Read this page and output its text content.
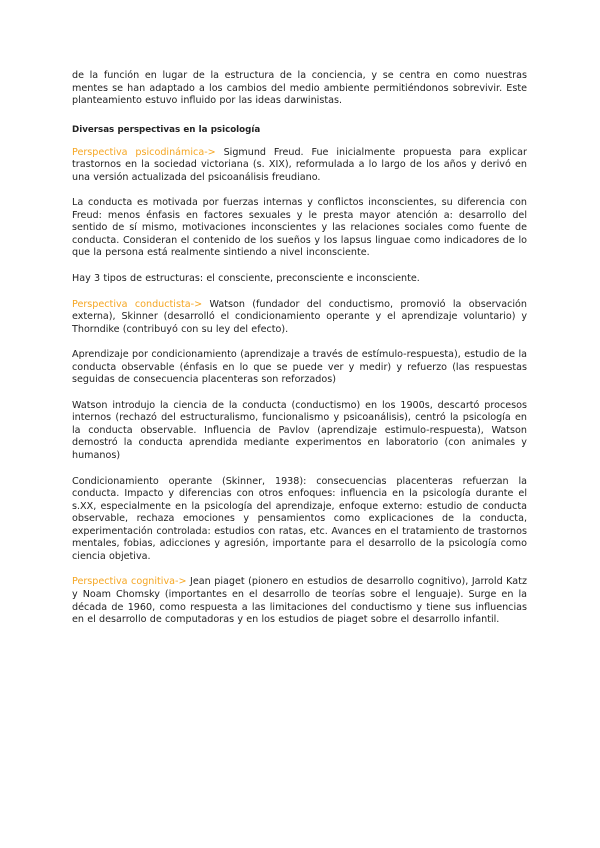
de la función en lugar de la estructura de la conciencia, y se centra en como nuestras mentes se han adaptado a los cambios del medio ambiente permitiéndonos sobrevivir. Este planteamiento estuvo influido por las ideas darwinistas.

Diversas perspectivas en la psicología

Perspectiva psicodinámica-> Sigmund Freud. Fue inicialmente propuesta para explicar trastornos en la sociedad victoriana (s. XIX), reformulada a lo largo de los años y derivó en una versión actualizada del psicoanálisis freudiano.

La conducta es motivada por fuerzas internas y conflictos inconscientes, su diferencia con Freud: menos énfasis en factores sexuales y le presta mayor atención a: desarrollo del sentido de sí mismo, motivaciones inconscientes y las relaciones sociales como fuente de conducta. Consideran el contenido de los sueños y los lapsus linguae como indicadores de lo que la persona está realmente sintiendo a nivel inconsciente.

Hay 3 tipos de estructuras: el consciente, preconsciente e inconsciente.

Perspectiva conductista-> Watson (fundador del conductismo, promovió la observación externa), Skinner (desarrolló el condicionamiento operante y el aprendizaje voluntario) y Thorndike (contribuyó con su ley del efecto).

Aprendizaje por condicionamiento (aprendizaje a través de estímulo-respuesta), estudio de la conducta observable (énfasis en lo que se puede ver y medir) y refuerzo (las respuestas seguidas de consecuencia placenteras son reforzados)

Watson introdujo la ciencia de la conducta (conductismo) en los 1900s, descartó procesos internos (rechazó del estructuralismo, funcionalismo y psicoanálisis), centró la psicología en la conducta observable. Influencia de Pavlov (aprendizaje estimulo-respuesta), Watson demostró la conducta aprendida mediante experimentos en laboratorio (con animales y humanos)

Condicionamiento operante (Skinner, 1938): consecuencias placenteras refuerzan la conducta. Impacto y diferencias con otros enfoques: influencia en la psicología durante el s.XX, especialmente en la psicología del aprendizaje, enfoque externo: estudio de conducta observable, rechaza emociones y pensamientos como explicaciones de la conducta, experimentación controlada: estudios con ratas, etc. Avances en el tratamiento de trastornos mentales, fobias, adicciones y agresión, importante para el desarrollo de la psicología como ciencia objetiva.

Perspectiva cognitiva-> Jean piaget (pionero en estudios de desarrollo cognitivo), Jarrold Katz y Noam Chomsky (importantes en el desarrollo de teorías sobre el lenguaje). Surge en la década de 1960, como respuesta a las limitaciones del conductismo y tiene sus influencias en el desarrollo de computadoras y en los estudios de piaget sobre el desarrollo infantil.
